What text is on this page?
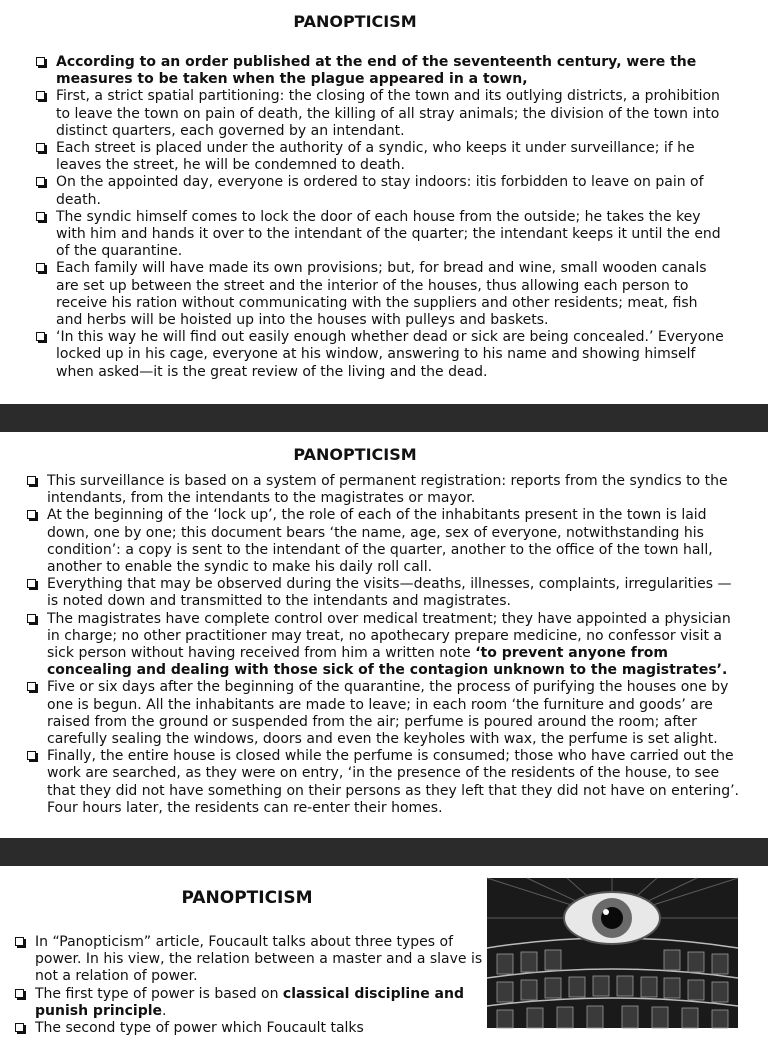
PANOPTICISM
According to an order published at the end of the seventeenth century, were the measures to be taken when the plague appeared in a town,
First, a strict spatial partitioning: the closing of the town and its outlying districts, a prohibition to leave the town on pain of death, the killing of all stray animals; the division of the town into distinct quarters, each governed by an intendant.
Each street is placed under the authority of a syndic, who keeps it under surveillance; if he leaves the street, he will be condemned to death.
On the appointed day, everyone is ordered to stay indoors: itis forbidden to leave on pain of death.
The syndic himself comes to lock the door of each house from the outside; he takes the key with him and hands it over to the intendant of the quarter; the intendant keeps it until the end of the quarantine.
Each family will have made its own provisions; but, for bread and wine, small wooden canals are set up between the street and the interior of the houses, thus allowing each person to receive his ration without communicating with the suppliers and other residents; meat, fish and herbs will be hoisted up into the houses with pulleys and baskets.
‘In this way he will find out easily enough whether dead or sick are being concealed.’ Everyone locked up in his cage, everyone at his window, answering to his name and showing himself when asked—it is the great review of the living and the dead.
PANOPTICISM
This surveillance is based on a system of permanent registration: reports from the syndics to the intendants, from the intendants to the magistrates or mayor.
At the beginning of the ‘lock up’, the role of each of the inhabitants present in the town is laid down, one by one; this document bears ‘the name, age, sex of everyone, notwithstanding his condition’: a copy is sent to the intendant of the quarter, another to the office of the town hall, another to enable the syndic to make his daily roll call.
Everything that may be observed during the visits—deaths, illnesses, complaints, irregularities —is noted down and transmitted to the intendants and magistrates.
The magistrates have complete control over medical treatment; they have appointed a physician in charge; no other practitioner may treat, no apothecary prepare medicine, no confessor visit a sick person without having received from him a written note ‘to prevent anyone from concealing and dealing with those sick of the contagion unknown to the magistrates’.
Five or six days after the beginning of the quarantine, the process of purifying the houses one by one is begun. All the inhabitants are made to leave; in each room ‘the furniture and goods’ are raised from the ground or suspended from the air; perfume is poured around the room; after carefully sealing the windows, doors and even the keyholes with wax, the perfume is set alight.
Finally, the entire house is closed while the perfume is consumed; those who have carried out the work are searched, as they were on entry, ‘in the presence of the residents of the house, to see that they did not have something on their persons as they left that they did not have on entering’. Four hours later, the residents can re-enter their homes.
PANOPTICISM
In “Panopticism” article, Foucault talks about three types of power. In his view, the relation between a master and a slave is not a relation of power.
The first type of power is based on classical discipline and punish principle.
The second type of power which Foucault talks
